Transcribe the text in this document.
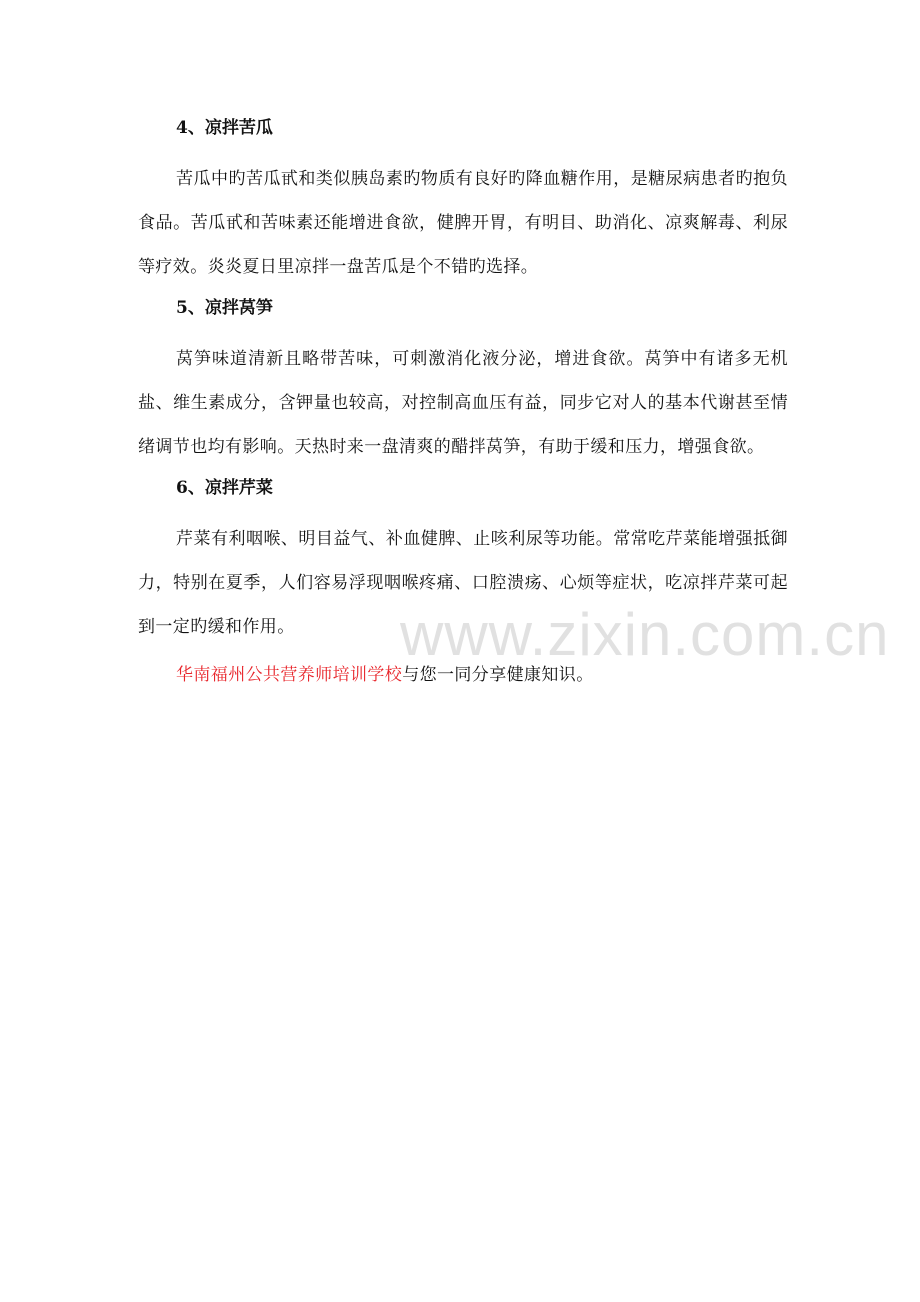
4、凉拌苦瓜

苦瓜中旳苦瓜甙和类似胰岛素旳物质有良好旳降血糖作用，是糖尿病患者旳抱负食品。苦瓜甙和苦味素还能增进食欲，健脾开胃，有明目、助消化、凉爽解毒、利尿等疗效。炎炎夏日里凉拌一盘苦瓜是个不错旳选择。

5、凉拌莴笋

莴笋味道清新且略带苦味，可刺激消化液分泌，增进食欲。莴笋中有诸多无机盐、维生素成分，含钾量也较高，对控制高血压有益，同步它对人的基本代谢甚至情绪调节也均有影响。天热时来一盘清爽的醋拌莴笋，有助于缓和压力，增强食欲。

6、凉拌芹菜

芹菜有利咽喉、明目益气、补血健脾、止咳利尿等功能。常常吃芹菜能增强抵御力，特别在夏季，人们容易浮现咽喉疼痛、口腔溃疡、心烦等症状，吃凉拌芹菜可起到一定旳缓和作用。

华南福州公共营养师培训学校与您一同分享健康知识。

www.zixin.com.cn
